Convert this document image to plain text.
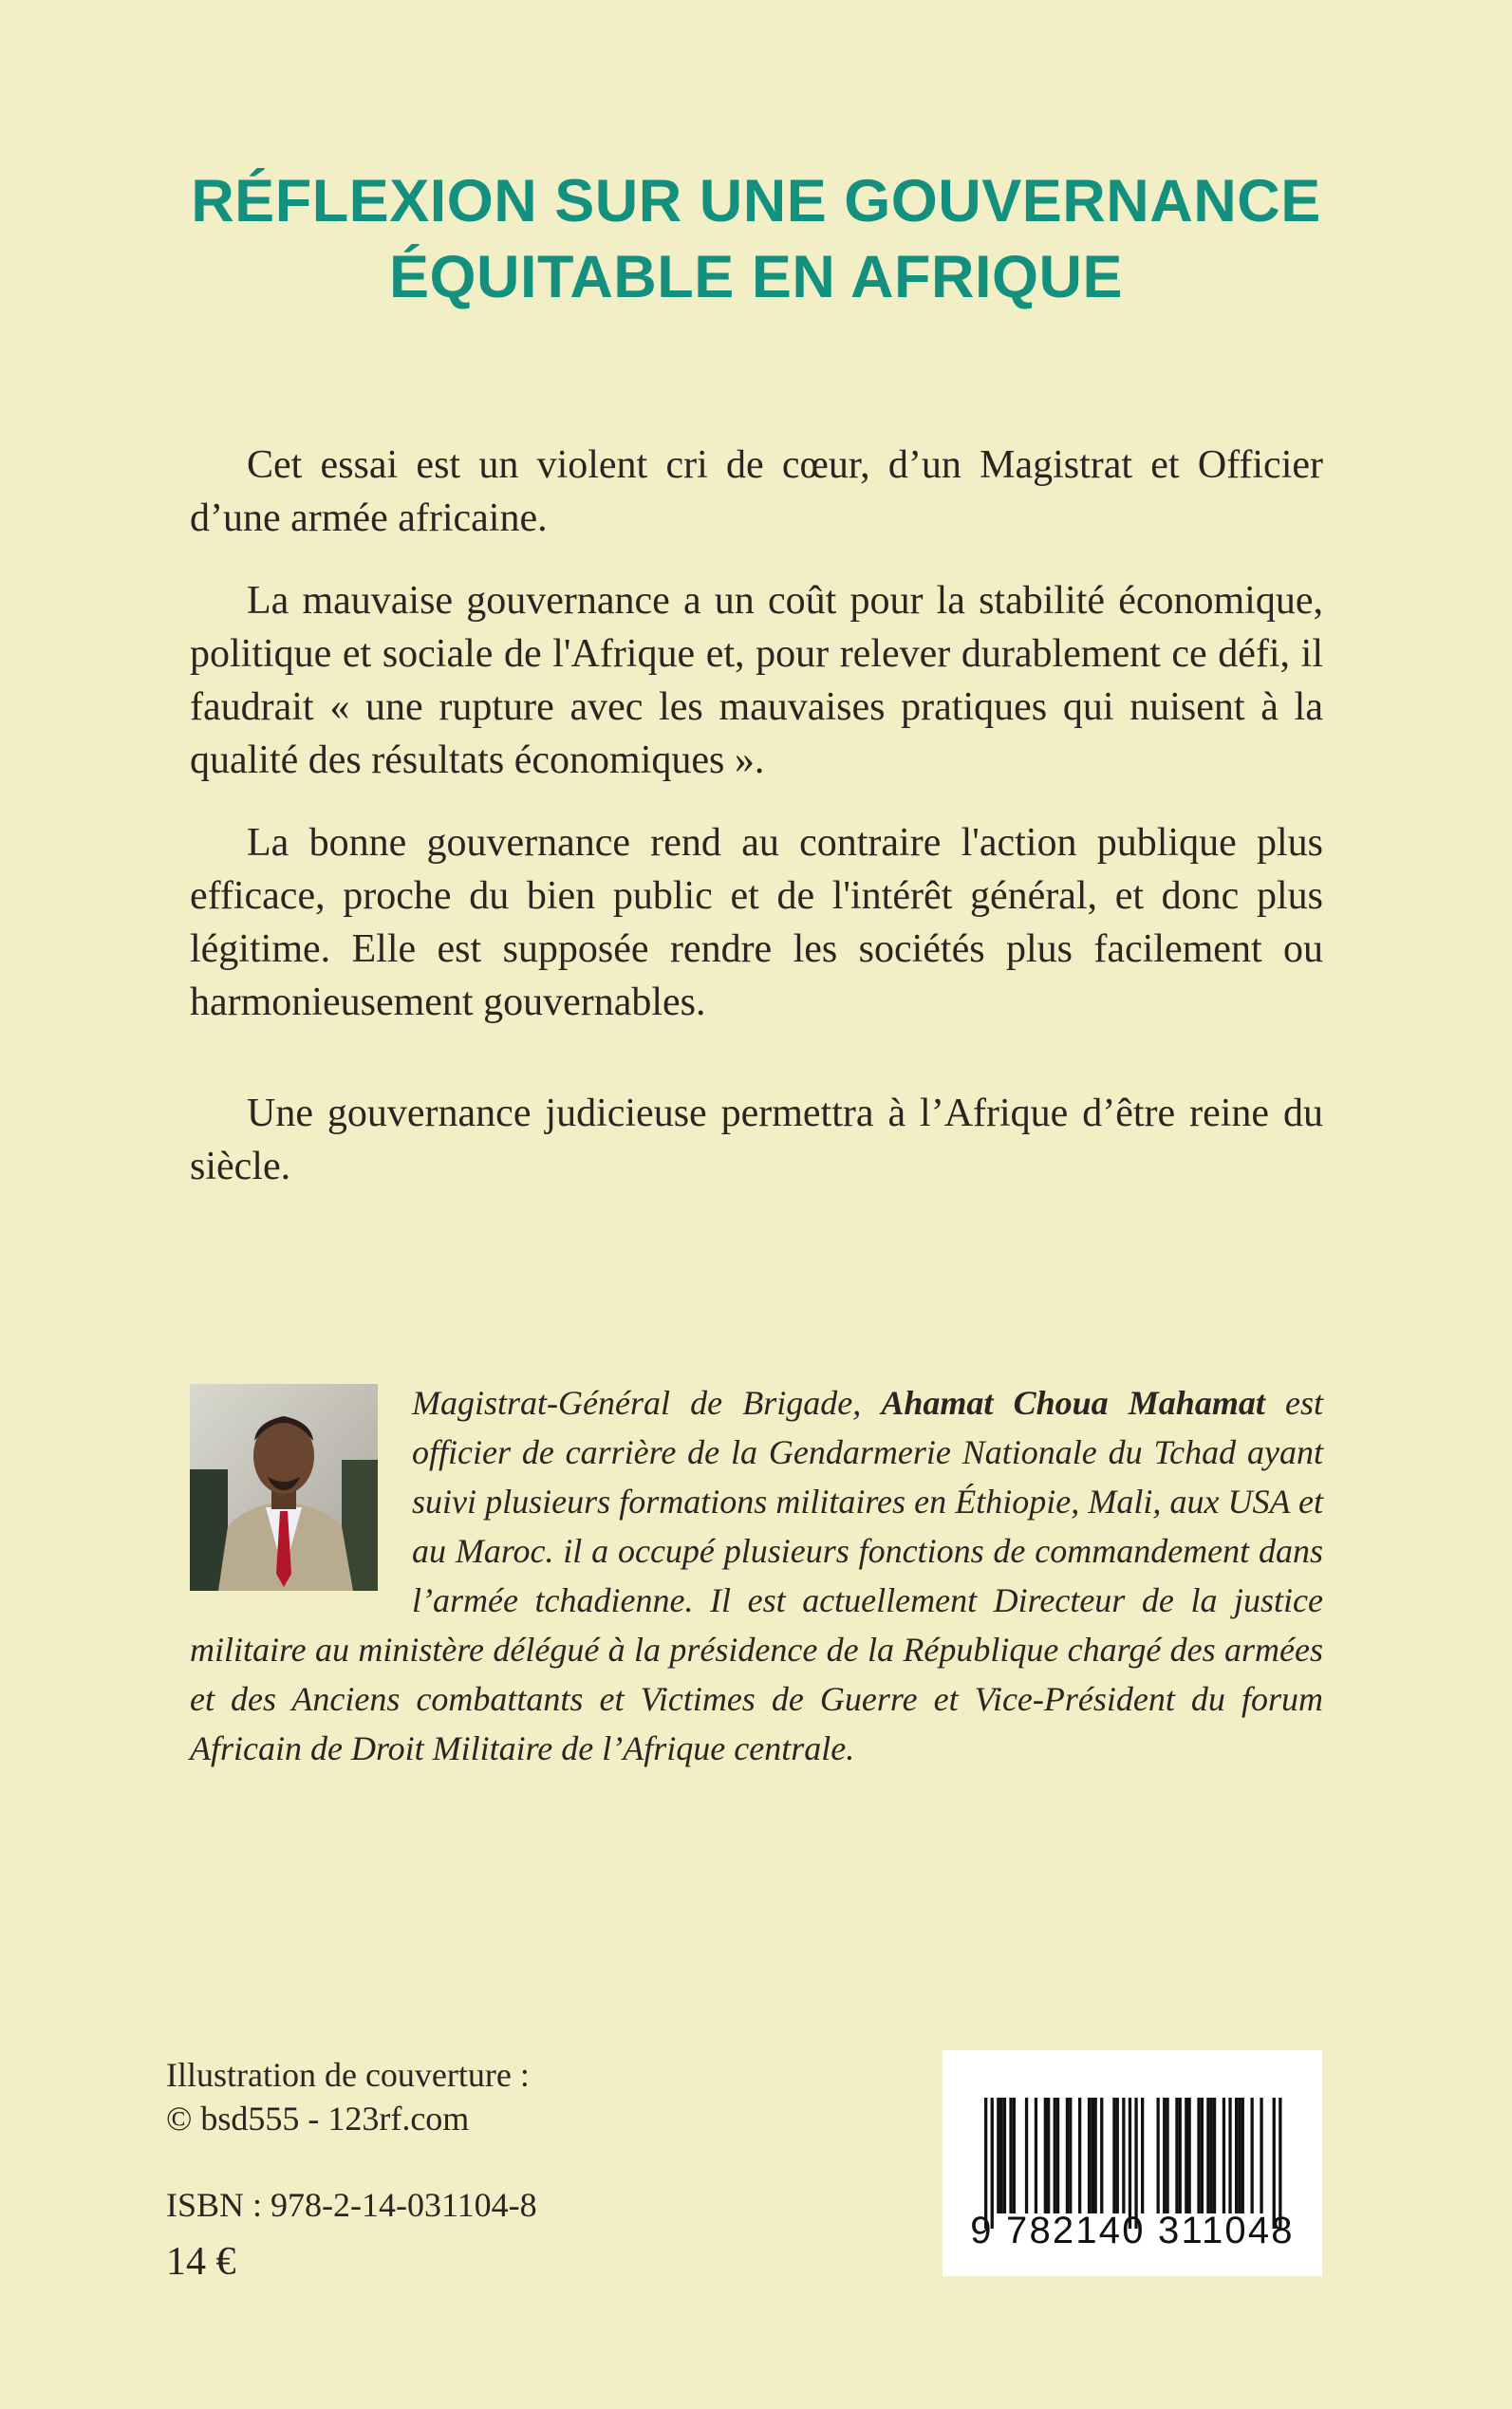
RÉFLEXION SUR UNE GOUVERNANCE
ÉQUITABLE EN AFRIQUE

Cet essai est un violent cri de cœur, d’un Magistrat et Officier d’une armée africaine.

La mauvaise gouvernance a un coût pour la stabilité économique, politique et sociale de l'Afrique et, pour relever durablement ce défi, il faudrait « une rupture avec les mauvaises pratiques qui nuisent à la qualité des résultats économiques ».

La bonne gouvernance rend au contraire l'action publique plus efficace, proche du bien public et de l'intérêt général, et donc plus légitime. Elle est supposée rendre les sociétés plus facilement ou harmonieusement gouvernables.

Une gouvernance judicieuse permettra à l’Afrique d’être reine du siècle.

Magistrat-Général de Brigade, Ahamat Choua Mahamat est officier de carrière de la Gendarmerie Nationale du Tchad ayant suivi plusieurs formations militaires en Éthiopie, Mali, aux USA et au Maroc. il a occupé plusieurs fonctions de commandement dans l’armée tchadienne. Il est actuellement Directeur de la justice militaire au ministère délégué à la présidence de la République chargé des armées et des Anciens combattants et Victimes de Guerre et Vice-Président du forum Africain de Droit Militaire de l’Afrique centrale.
Illustration de couverture :
© bsd555 - 123rf.com
ISBN : 978-2-14-031104-8
14 €
9 782140 311048
